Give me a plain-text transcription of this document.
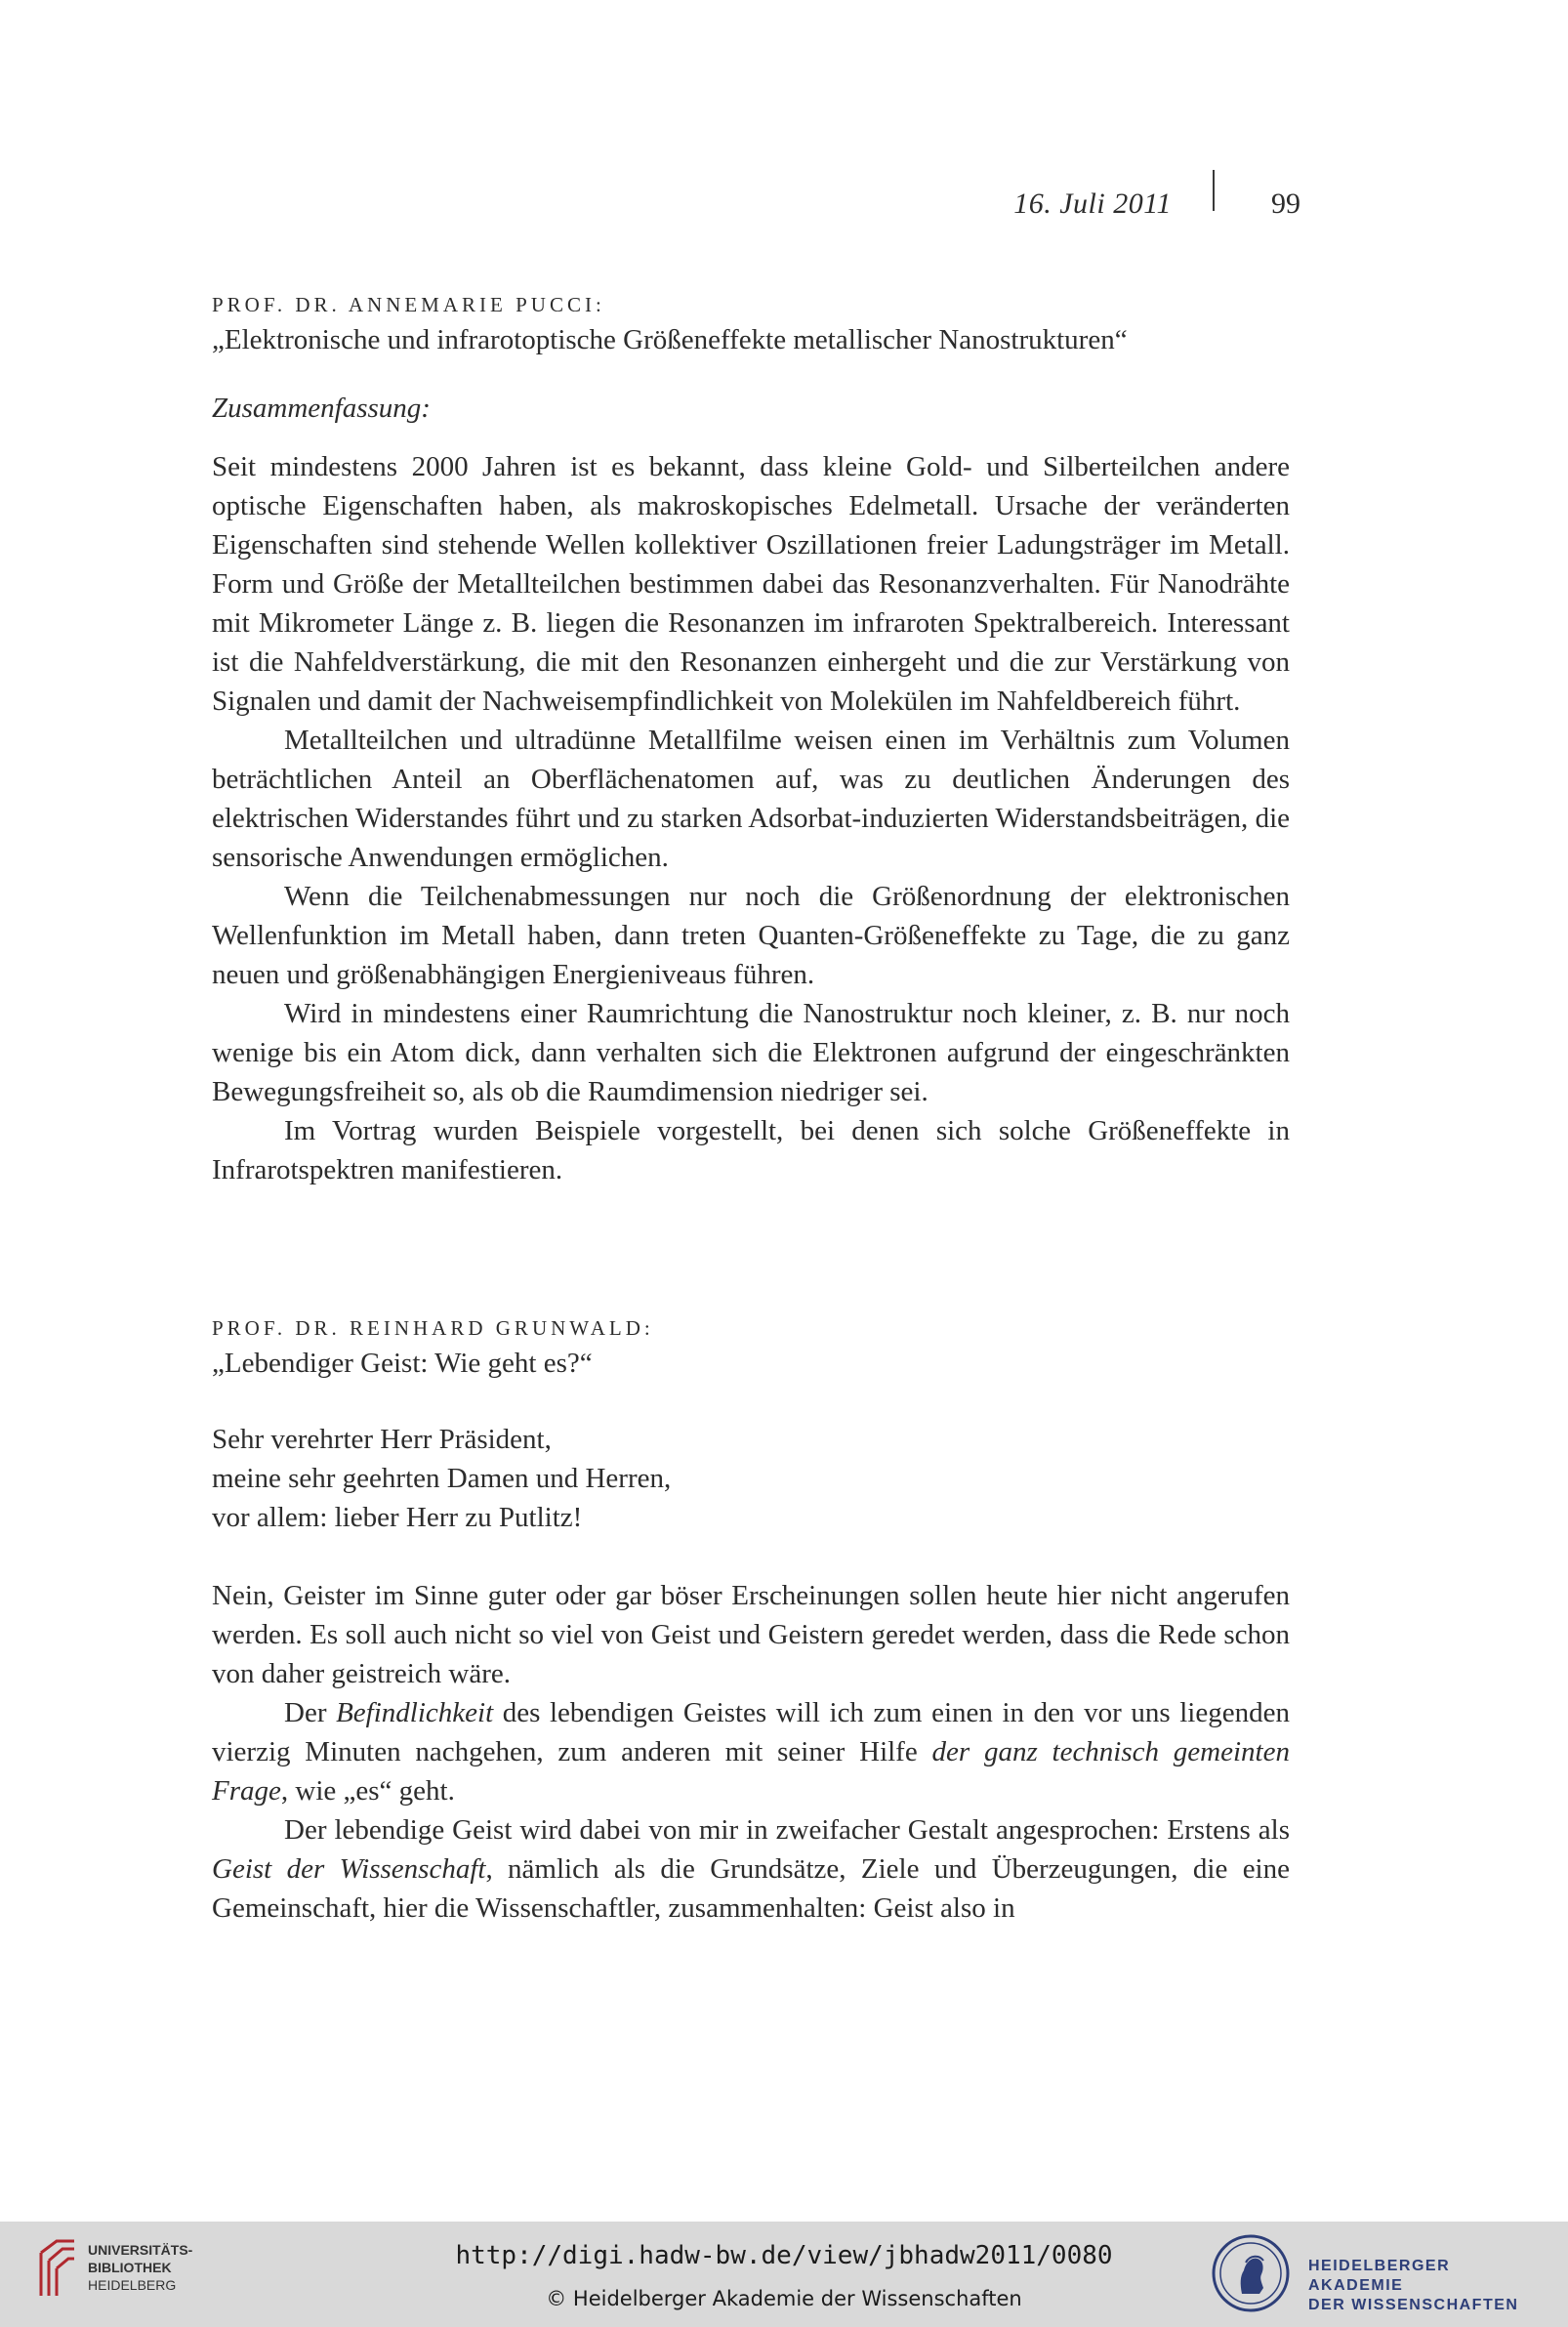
16. Juli 2011	99

PROF. DR. ANNEMARIE PUCCI:

„Elektronische und infrarotoptische Größeneffekte metallischer Nanostrukturen“

Zusammenfassung:

Seit mindestens 2000 Jahren ist es bekannt, dass kleine Gold- und Silberteilchen andere optische Eigenschaften haben, als makroskopisches Edelmetall. Ursache der veränderten Eigenschaften sind stehende Wellen kollektiver Oszillationen freier Ladungsträger im Metall. Form und Größe der Metallteilchen bestimmen dabei das Resonanzverhalten. Für Nanodrähte mit Mikrometer Länge z. B. liegen die Resonanzen im infraroten Spektralbereich. Interessant ist die Nahfeldverstärkung, die mit den Resonanzen einhergeht und die zur Verstärkung von Signalen und damit der Nachweisempfindlichkeit von Molekülen im Nahfeldbereich führt.

Metallteilchen und ultradünne Metallfilme weisen einen im Verhältnis zum Volumen beträchtlichen Anteil an Oberflächenatomen auf, was zu deutlichen Änderungen des elektrischen Widerstandes führt und zu starken Adsorbat-induzierten Widerstandsbeiträgen, die sensorische Anwendungen ermöglichen.

Wenn die Teilchenabmessungen nur noch die Größenordnung der elektronischen Wellenfunktion im Metall haben, dann treten Quanten-Größeneffekte zu Tage, die zu ganz neuen und größenabhängigen Energieniveaus führen.

Wird in mindestens einer Raumrichtung die Nanostruktur noch kleiner, z. B. nur noch wenige bis ein Atom dick, dann verhalten sich die Elektronen aufgrund der eingeschränkten Bewegungsfreiheit so, als ob die Raumdimension niedriger sei.

Im Vortrag wurden Beispiele vorgestellt, bei denen sich solche Größeneffekte in Infrarotspektren manifestieren.

PROF. DR. REINHARD GRUNWALD:

„Lebendiger Geist: Wie geht es?“

Sehr verehrter Herr Präsident,
meine sehr geehrten Damen und Herren,
vor allem: lieber Herr zu Putlitz!

Nein, Geister im Sinne guter oder gar böser Erscheinungen sollen heute hier nicht angerufen werden. Es soll auch nicht so viel von Geist und Geistern geredet werden, dass die Rede schon von daher geistreich wäre.

Der Befindlichkeit des lebendigen Geistes will ich zum einen in den vor uns liegenden vierzig Minuten nachgehen, zum anderen mit seiner Hilfe der ganz technisch gemeinten Frage, wie „es“ geht.

Der lebendige Geist wird dabei von mir in zweifacher Gestalt angesprochen: Erstens als Geist der Wissenschaft, nämlich als die Grundsätze, Ziele und Überzeugungen, die eine Gemeinschaft, hier die Wissenschaftler, zusammenhalten: Geist also in

UNIVERSITÄTS-
BIBLIOTHEK
HEIDELBERG
http://digi.hadw-bw.de/view/jbhadw2011/0080
© Heidelberger Akademie der Wissenschaften
HEIDELBERGER AKADEMIE
DER WISSENSCHAFTEN
